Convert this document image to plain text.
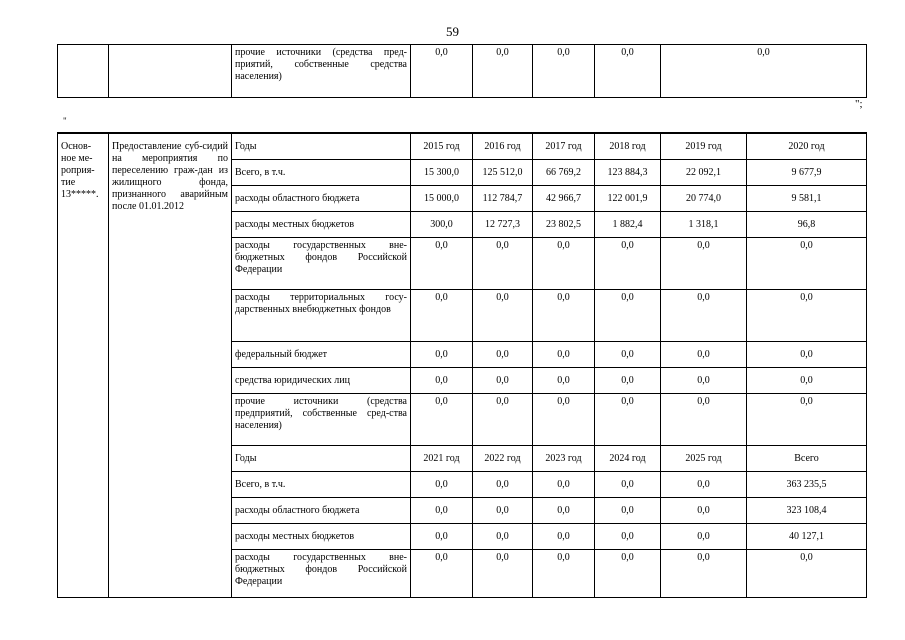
59
		прочие источники (средства пред-приятий, собственные средства населения)	0,0	0,0	0,0	0,0	0,0
";
"
Основ-ное ме-роприя-тие 13*****.	Предоставление суб-сидий на мероприятия по переселению граж-дан из жилищного фонда, признанного аварийным после 01.01.2012	Годы	2015 год	2016 год	2017 год	2018 год	2019 год	2020 год
		Всего, в т.ч.	15 300,0	125 512,0	66 769,2	123 884,3	22 092,1	9 677,9
		расходы областного бюджета	15 000,0	112 784,7	42 966,7	122 001,9	20 774,0	9 581,1
		расходы местных бюджетов	300,0	12 727,3	23 802,5	1 882,4	1 318,1	96,8
		расходы государственных вне-бюджетных фондов Российской Федерации	0,0	0,0	0,0	0,0	0,0	0,0
		расходы территориальных госу-дарственных внебюджетных фондов	0,0	0,0	0,0	0,0	0,0	0,0
		федеральный бюджет	0,0	0,0	0,0	0,0	0,0	0,0
		средства юридических лиц	0,0	0,0	0,0	0,0	0,0	0,0
		прочие источники (средства предприятий, собственные сред-ства населения)	0,0	0,0	0,0	0,0	0,0	0,0
		Годы	2021 год	2022 год	2023 год	2024 год	2025 год	Всего
		Всего, в т.ч.	0,0	0,0	0,0	0,0	0,0	363 235,5
		расходы областного бюджета	0,0	0,0	0,0	0,0	0,0	323 108,4
		расходы местных бюджетов	0,0	0,0	0,0	0,0	0,0	40 127,1
		расходы государственных вне-бюджетных фондов Российской Федерации	0,0	0,0	0,0	0,0	0,0	0,0
